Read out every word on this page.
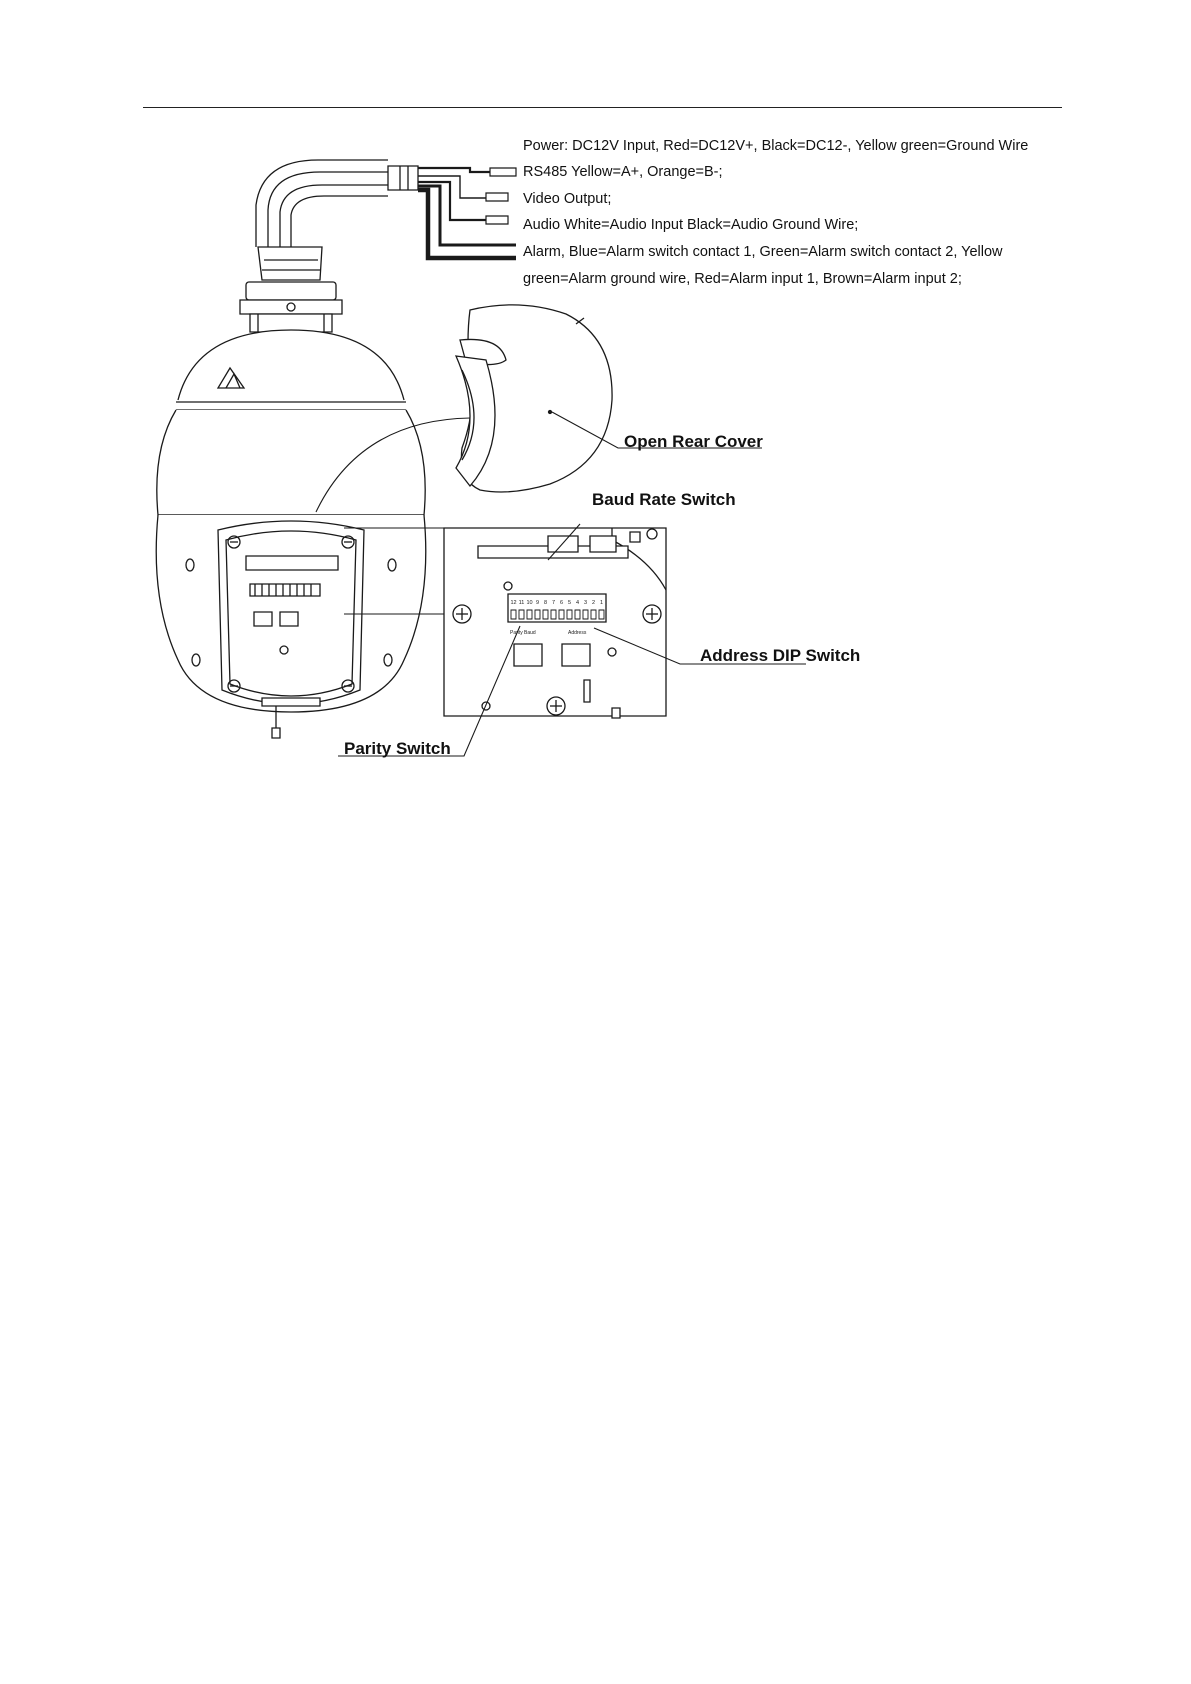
Power: DC12V Input, Red=DC12V+, Black=DC12-, Yellow green=Ground Wire
RS485 Yellow=A+, Orange=B-;
Video Output;
Audio White=Audio Input Black=Audio Ground Wire;
Alarm, Blue=Alarm switch contact 1, Green=Alarm switch contact 2, Yellow
green=Alarm ground wire, Red=Alarm input 1, Brown=Alarm input 2;
12 11 10 9 8 7 6 5 4 3 2 1
Parity Baud	Address
Open Rear Cover
Baud Rate Switch
Address DIP Switch
Parity Switch
